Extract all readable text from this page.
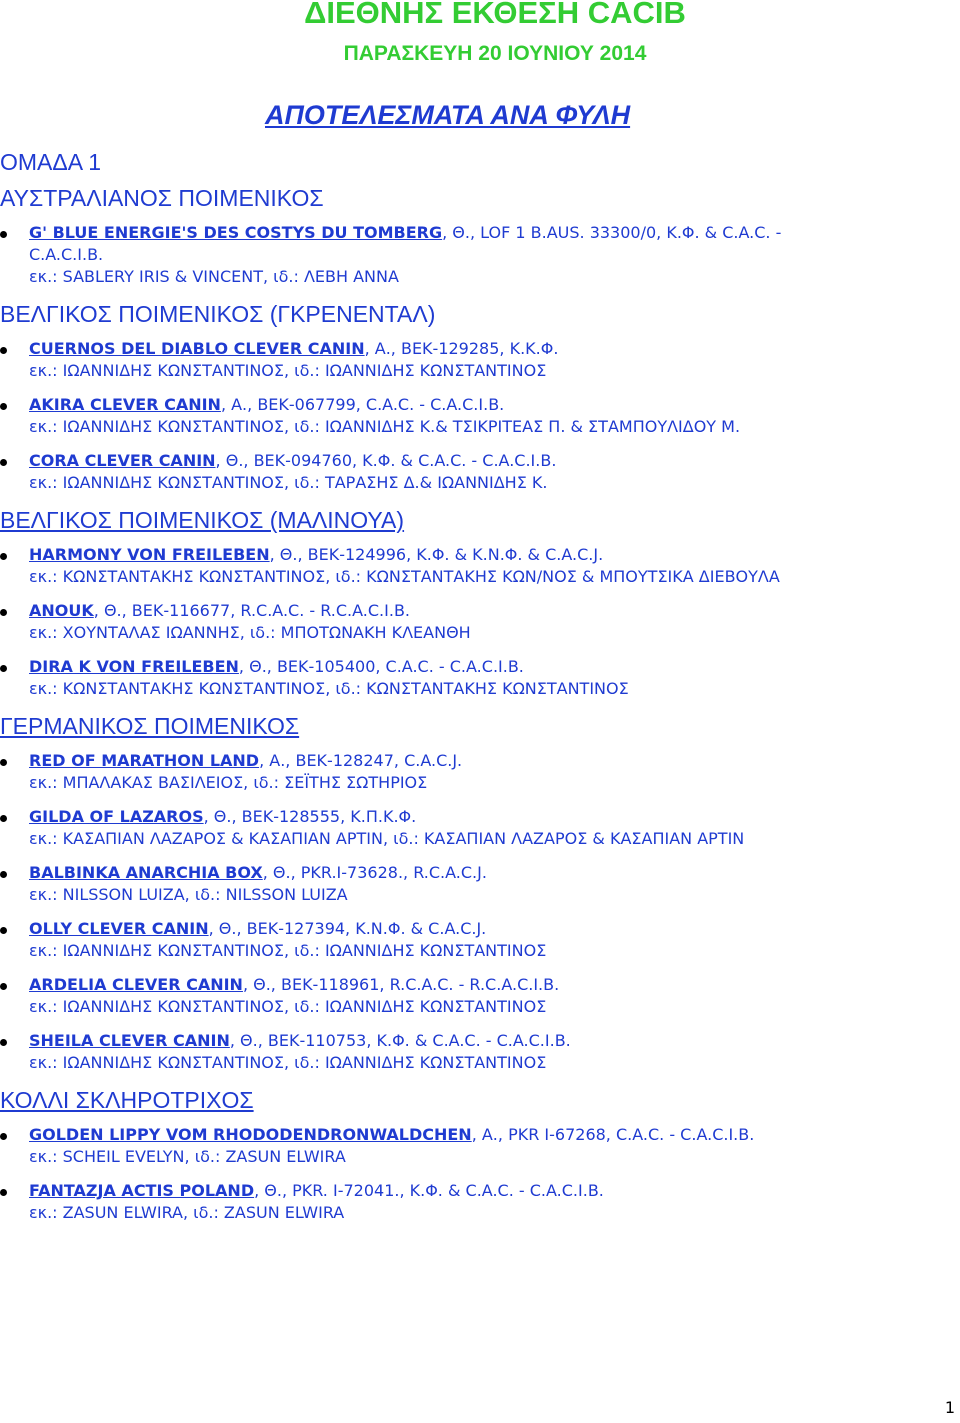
ΔΙΕΘΝΗΣ ΕΚΘΕΣΗ CACIB
ΠΑΡΑΣΚΕΥΗ 20 ΙΟΥΝΙΟΥ 2014
ΑΠΟΤΕΛΕΣΜΑΤΑ ΑΝΑ ΦΥΛΗ
ΟΜΑΔΑ 1
ΑΥΣΤΡΑΛΙΑΝΟΣ ΠΟΙΜΕΝΙΚΟΣ
G' BLUE ENERGIE'S DES COSTYS DU TOMBERG, Θ., LOF 1 B.AUS. 33300/0, Κ.Φ. & C.A.C. -
C.A.C.I.B.
εκ.: SABLERY IRIS & VINCENT, ιδ.: ΛΕΒΗ ΑΝΝΑ
ΒΕΛΓΙΚΟΣ ΠΟΙΜΕΝΙΚΟΣ (ΓΚΡΕΝΕΝΤΑΛ)
CUERNOS DEL DIABLO CLEVER CANIN, Α., ΒΕΚ-129285, Κ.Κ.Φ.
εκ.: ΙΩΑΝΝΙΔΗΣ ΚΩΝΣΤΑΝΤΙΝΟΣ, ιδ.: ΙΩΑΝΝΙΔΗΣ ΚΩΝΣΤΑΝΤΙΝΟΣ
AKIRA CLEVER CANIN, Α., ΒΕΚ-067799, C.A.C. - C.A.C.I.B.
εκ.: ΙΩΑΝΝΙΔΗΣ ΚΩΝΣΤΑΝΤΙΝΟΣ, ιδ.: ΙΩΑΝΝΙΔΗΣ Κ.& ΤΣΙΚΡΙΤΕΑΣ Π. & ΣΤΑΜΠΟΥΛΙΔΟΥ Μ.
CORA CLEVER CANIN, Θ., ΒΕΚ-094760, Κ.Φ. & C.A.C. - C.A.C.I.B.
εκ.: ΙΩΑΝΝΙΔΗΣ ΚΩΝΣΤΑΝΤΙΝΟΣ, ιδ.: ΤΑΡΑΣΗΣ Δ.& ΙΩΑΝΝΙΔΗΣ Κ.
ΒΕΛΓΙΚΟΣ ΠΟΙΜΕΝΙΚΟΣ (ΜΑΛΙΝΟΥΑ)
HARMONY VON FREILEBEN, Θ., ΒΕΚ-124996, Κ.Φ. & Κ.Ν.Φ. & C.A.C.J.
εκ.: ΚΩΝΣΤΑΝΤΑΚΗΣ ΚΩΝΣΤΑΝΤΙΝΟΣ, ιδ.: ΚΩΝΣΤΑΝΤΑΚΗΣ ΚΩΝ/ΝΟΣ & ΜΠΟΥΤΣΙΚΑ ΔΙΕΒΟΥΛΑ
ANOUK, Θ., ΒΕΚ-116677, R.C.A.C. - R.C.A.C.I.B.
εκ.: ΧΟΥΝΤΑΛΑΣ ΙΩΑΝΝΗΣ, ιδ.: ΜΠΟΤΩΝΑΚΗ ΚΛΕΑΝΘΗ
DIRA K VON FREILEBEN, Θ., ΒΕΚ-105400, C.A.C. - C.A.C.I.B.
εκ.: ΚΩΝΣΤΑΝΤΑΚΗΣ ΚΩΝΣΤΑΝΤΙΝΟΣ, ιδ.: ΚΩΝΣΤΑΝΤΑΚΗΣ ΚΩΝΣΤΑΝΤΙΝΟΣ
ΓΕΡΜΑΝΙΚΟΣ ΠΟΙΜΕΝΙΚΟΣ
RED OF MARATHON LAND, Α., ΒΕΚ-128247, C.A.C.J.
εκ.: ΜΠΑΛΑΚΑΣ ΒΑΣΙΛΕΙΟΣ, ιδ.: ΣΕΪΤΗΣ ΣΩΤΗΡΙΟΣ
GILDA OF LAZAROS, Θ., ΒΕΚ-128555, Κ.Π.Κ.Φ.
εκ.: ΚΑΣΑΠΙΑΝ ΛΑΖΑΡΟΣ & ΚΑΣΑΠΙΑΝ ΑΡΤΙΝ, ιδ.: ΚΑΣΑΠΙΑΝ ΛΑΖΑΡΟΣ & ΚΑΣΑΠΙΑΝ ΑΡΤΙΝ
BALBINKA ANARCHIA BOX, Θ., PKR.I-73628., R.C.A.C.J.
εκ.: NILSSON LUIZA, ιδ.: NILSSON LUIZA
OLLY CLEVER CANIN, Θ., ΒΕΚ-127394, Κ.Ν.Φ. & C.A.C.J.
εκ.: ΙΩΑΝΝΙΔΗΣ ΚΩΝΣΤΑΝΤΙΝΟΣ, ιδ.: ΙΩΑΝΝΙΔΗΣ ΚΩΝΣΤΑΝΤΙΝΟΣ
ARDELIA CLEVER CANIN, Θ., ΒΕΚ-118961, R.C.A.C. - R.C.A.C.I.B.
εκ.: ΙΩΑΝΝΙΔΗΣ ΚΩΝΣΤΑΝΤΙΝΟΣ, ιδ.: ΙΩΑΝΝΙΔΗΣ ΚΩΝΣΤΑΝΤΙΝΟΣ
SHEILA CLEVER CANIN, Θ., ΒΕΚ-110753, Κ.Φ. & C.A.C. - C.A.C.I.B.
εκ.: ΙΩΑΝΝΙΔΗΣ ΚΩΝΣΤΑΝΤΙΝΟΣ, ιδ.: ΙΩΑΝΝΙΔΗΣ ΚΩΝΣΤΑΝΤΙΝΟΣ
ΚΟΛΛΙ ΣΚΛΗΡΟΤΡΙΧΟΣ
GOLDEN LIPPY VOM RHODODENDRONWALDCHEN, Α., PKR I-67268, C.A.C. - C.A.C.I.B.
εκ.: SCHEIL EVELYN, ιδ.: ZASUN ELWIRA
FANTAZJA ACTIS POLAND, Θ., PKR. I-72041., Κ.Φ. & C.A.C. - C.A.C.I.B.
εκ.: ZASUN ELWIRA, ιδ.: ZASUN ELWIRA
1
